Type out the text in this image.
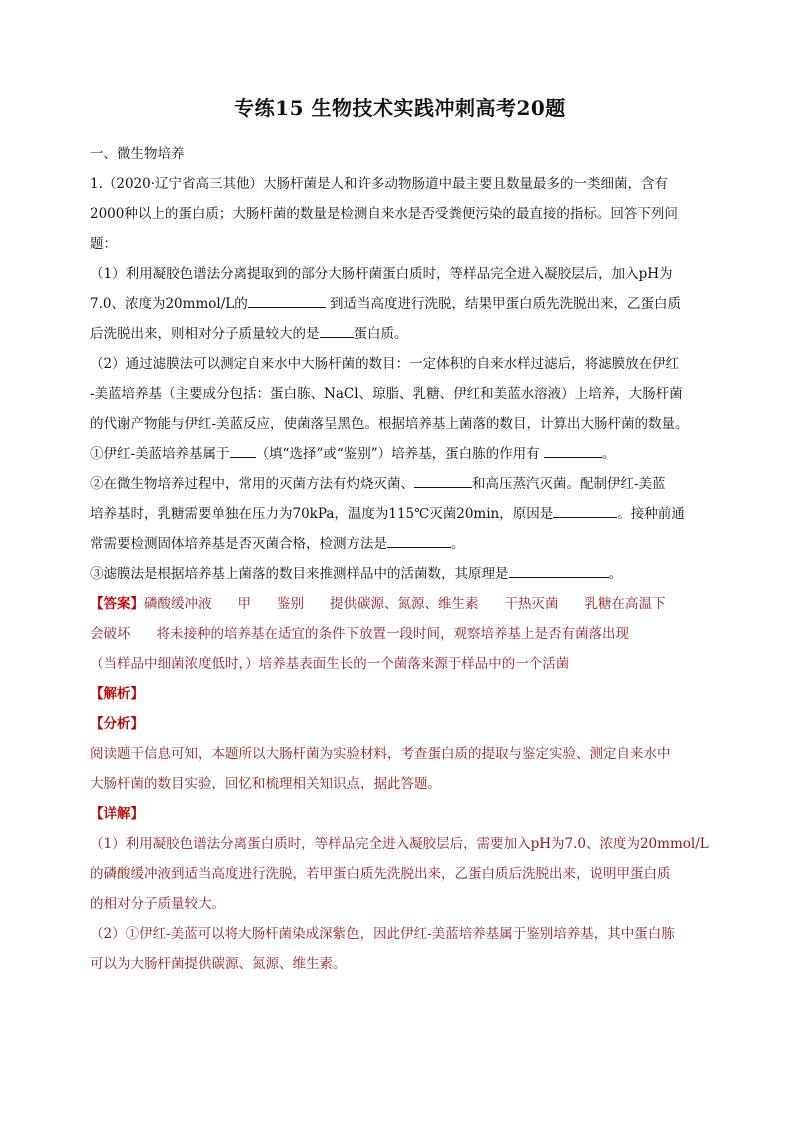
专练15 生物技术实践冲刺高考20题

一、微生物培养

1.（2020·辽宁省高三其他）大肠杆菌是人和许多动物肠道中最主要且数量最多的一类细菌，含有

2000种以上的蛋白质；大肠杆菌的数量是检测自来水是否受粪便污染的最直接的指标。回答下列问

题：

（1）利用凝胶色谱法分离提取到的部分大肠杆菌蛋白质时，等样品完全进入凝胶层后，加入pH为

7.0、浓度为20mmol/L的	到适当高度进行洗脱，结果甲蛋白质先洗脱出来，乙蛋白质

后洗脱出来，则相对分子质量较大的是	蛋白质。

（2）通过滤膜法可以测定自来水中大肠杆菌的数目：一定体积的自来水样过滤后，将滤膜放在伊红

-美蓝培养基（主要成分包括：蛋白胨、NaCl、琼脂、乳糖、伊红和美蓝水溶液）上培养，大肠杆菌

的代谢产物能与伊红-美蓝反应，使菌落呈黑色。根据培养基上菌落的数目，计算出大肠杆菌的数量。

①伊红-美蓝培养基属于 （填“选择”或“鉴别”）培养基，蛋白胨的作用有	。

②在微生物培养过程中，常用的灭菌方法有灼烧灭菌、	和高压蒸汽灭菌。配制伊红-美蓝

培养基时，乳糖需要单独在压力为70kPa，温度为115℃灭菌20min，原因是	。接种前通

常需要检测固体培养基是否灭菌合格，检测方法是	。

③滤膜法是根据培养基上菌落的数目来推测样品中的活菌数，其原理是	。

【答案】磷酸缓冲液 甲 鉴别 提供碳源、氮源、维生素 干热灭菌 乳糖在高温下

会破坏 将未接种的培养基在适宜的条件下放置一段时间，观察培养基上是否有菌落出现

（当样品中细菌浓度低时，）培养基表面生长的一个菌落来源于样品中的一个活菌

【解析】

【分析】

阅读题干信息可知，本题所以大肠杆菌为实验材料，考查蛋白质的提取与鉴定实验、测定自来水中

大肠杆菌的数目实验，回忆和梳理相关知识点，据此答题。

【详解】

（1）利用凝胶色谱法分离蛋白质时，等样品完全进入凝胶层后，需要加入pH为7.0、浓度为20mmol/L

的磷酸缓冲液到适当高度进行洗脱，若甲蛋白质先洗脱出来，乙蛋白质后洗脱出来，说明甲蛋白质

的相对分子质量较大。

（2）①伊红-美蓝可以将大肠杆菌染成深紫色，因此伊红-美蓝培养基属于鉴别培养基，其中蛋白胨

可以为大肠杆菌提供碳源、氮源、维生素。
